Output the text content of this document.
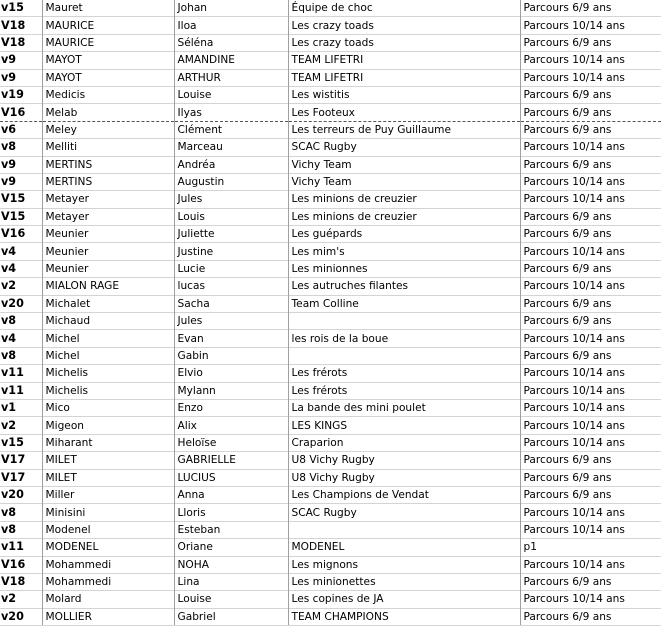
v15	Mauret	Johan	Équipe de choc	Parcours 6/9 ans
V18	MAURICE	Iloa	Les crazy toads	Parcours 10/14 ans
V18	MAURICE	Séléna	Les crazy toads	Parcours 6/9 ans
v9	MAYOT	AMANDINE	TEAM LIFETRI	Parcours 10/14 ans
v9	MAYOT	ARTHUR	TEAM LIFETRI	Parcours 10/14 ans
v19	Medicis	Louise	Les wistitis	Parcours 6/9 ans
V16	Melab	Ilyas	Les Footeux	Parcours 6/9 ans
v6	Meley	Clément	Les terreurs de Puy Guillaume	Parcours 6/9 ans
v8	Melliti	Marceau	SCAC Rugby	Parcours 10/14 ans
v9	MERTINS	Andréa	Vichy Team	Parcours 6/9 ans
v9	MERTINS	Augustin	Vichy Team	Parcours 10/14 ans
V15	Metayer	Jules	Les minions de creuzier	Parcours 10/14 ans
V15	Metayer	Louis	Les minions de creuzier	Parcours 6/9 ans
V16	Meunier	Juliette	Les guépards	Parcours 6/9 ans
v4	Meunier	Justine	Les mim's	Parcours 10/14 ans
v4	Meunier	Lucie	Les minionnes	Parcours 6/9 ans
v2	MIALON RAGE	lucas	Les autruches filantes	Parcours 10/14 ans
v20	Michalet	Sacha	Team Colline	Parcours 6/9 ans
v8	Michaud	Jules		Parcours 6/9 ans
v4	Michel	Evan	les rois de la boue	Parcours 10/14 ans
v8	Michel	Gabin		Parcours 6/9 ans
v11	Michelis	Elvio	Les frérots	Parcours 10/14 ans
v11	Michelis	Mylann	Les frérots	Parcours 10/14 ans
v1	Mico	Enzo	La bande des mini poulet	Parcours 10/14 ans
v2	Migeon	Alix	LES KINGS	Parcours 10/14 ans
v15	Miharant	Heloïse	Craparion	Parcours 10/14 ans
V17	MILET	GABRIELLE	U8 Vichy Rugby	Parcours 6/9 ans
V17	MILET	LUCIUS	U8 Vichy Rugby	Parcours 6/9 ans
v20	Miller	Anna	Les Champions de Vendat	Parcours 6/9 ans
v8	Minisini	Lloris	SCAC Rugby	Parcours 10/14 ans
v8	Modenel	Esteban		Parcours 10/14 ans
v11	MODENEL	Oriane	MODENEL	p1
V16	Mohammedi	NOHA	Les mignons	Parcours 10/14 ans
V18	Mohammedi	Lina	Les minionettes	Parcours 6/9 ans
v2	Molard	Louise	Les copines de JA	Parcours 10/14 ans
v20	MOLLIER	Gabriel	TEAM CHAMPIONS	Parcours 6/9 ans
